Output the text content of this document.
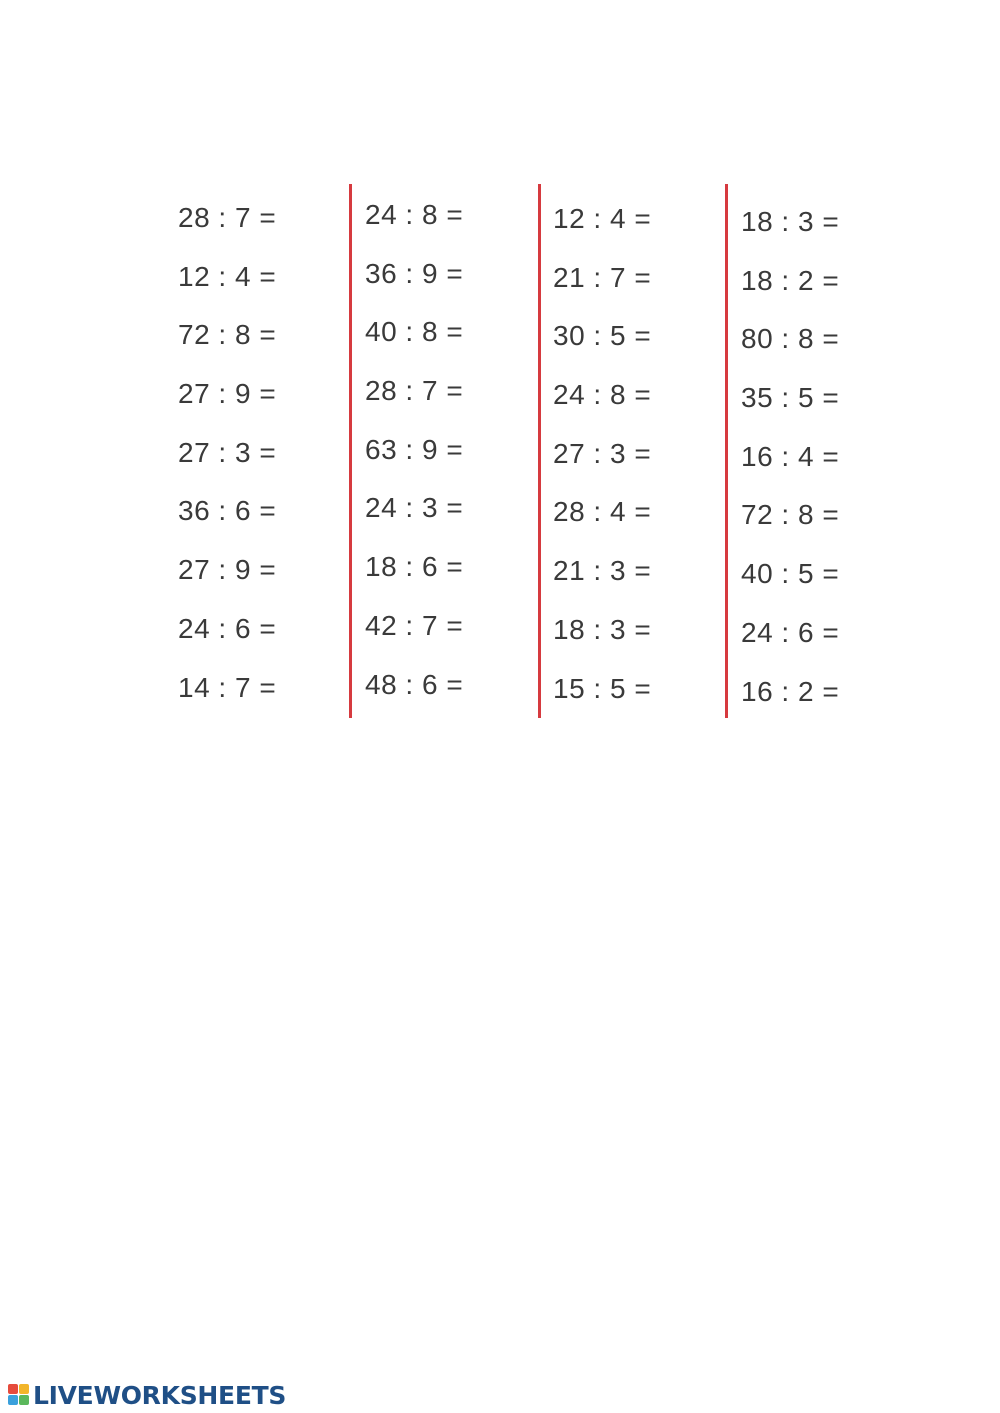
28 : 7 =
12 : 4 =
72 : 8 =
27 : 9 =
27 : 3 =
36 : 6 =
27 : 9 =
24 : 6 =
14 : 7 =
24 : 8 =
36 : 9 =
40 : 8 =
28 : 7 =
63 : 9 =
24 : 3 =
18 : 6 =
42 : 7 =
48 : 6 =
12 : 4 =
21 : 7 =
30 : 5 =
24 : 8 =
27 : 3 =
28 : 4 =
21 : 3 =
18 : 3 =
15 : 5 =
18 : 3 =
18 : 2 =
80 : 8 =
35 : 5 =
16 : 4 =
72 : 8 =
40 : 5 =
24 : 6 =
16 : 2 =
LIVEWORKSHEETS
